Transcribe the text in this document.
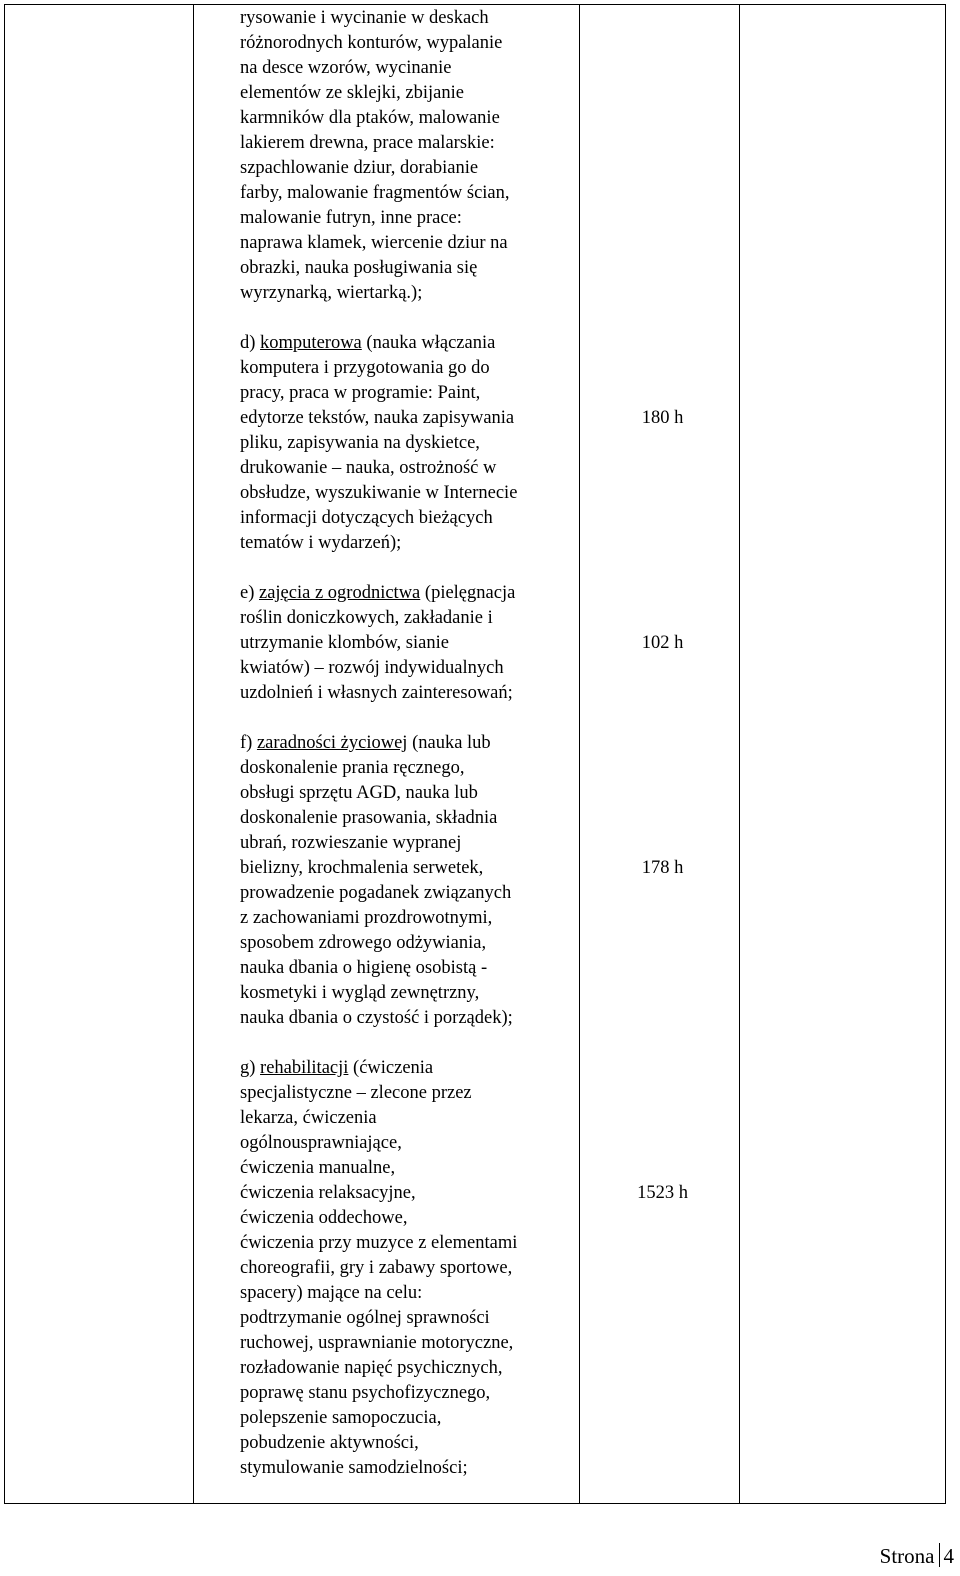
rysowanie i wycinanie w deskach
różnorodnych konturów, wypalanie
na desce wzorów, wycinanie
elementów ze sklejki, zbijanie
karmników dla ptaków, malowanie
lakierem drewna, prace malarskie:
szpachlowanie dziur, dorabianie
farby, malowanie fragmentów ścian,
malowanie futryn, inne prace:
naprawa klamek, wiercenie dziur na
obrazki, nauka posługiwania się
wyrzynarką, wiertarką.);
d) komputerowa (nauka włączania
komputera i przygotowania go do
pracy, praca w programie: Paint,
edytorze tekstów, nauka zapisywania
pliku, zapisywania na dyskietce,
drukowanie – nauka, ostrożność w
obsłudze, wyszukiwanie w Internecie
informacji dotyczących bieżących
tematów i wydarzeń);
e) zajęcia z ogrodnictwa (pielęgnacja
roślin doniczkowych, zakładanie i
utrzymanie klombów, sianie
kwiatów) – rozwój indywidualnych
uzdolnień i własnych zainteresowań;
f) zaradności życiowej (nauka lub
doskonalenie prania ręcznego,
obsługi sprzętu AGD, nauka lub
doskonalenie prasowania, składnia
ubrań, rozwieszanie wypranej
bielizny, krochmalenia serwetek,
prowadzenie pogadanek związanych
z zachowaniami prozdrowotnymi,
sposobem zdrowego odżywiania,
nauka dbania o higienę osobistą -
kosmetyki i wygląd zewnętrzny,
nauka dbania o czystość i porządek);
g) rehabilitacji (ćwiczenia
specjalistyczne – zlecone przez
lekarza, ćwiczenia
ogólnousprawniające,
ćwiczenia manualne,
ćwiczenia relaksacyjne,
ćwiczenia oddechowe,
ćwiczenia przy muzyce z elementami
choreografii, gry i zabawy sportowe,
spacery) mające na celu:
podtrzymanie ogólnej sprawności
ruchowej, usprawnianie motoryczne,
rozładowanie napięć psychicznych,
poprawę stanu psychofizycznego,
polepszenie samopoczucia,
pobudzenie aktywności,
stymulowanie samodzielności;
180 h
102 h
178 h
1523 h
Strona 4
